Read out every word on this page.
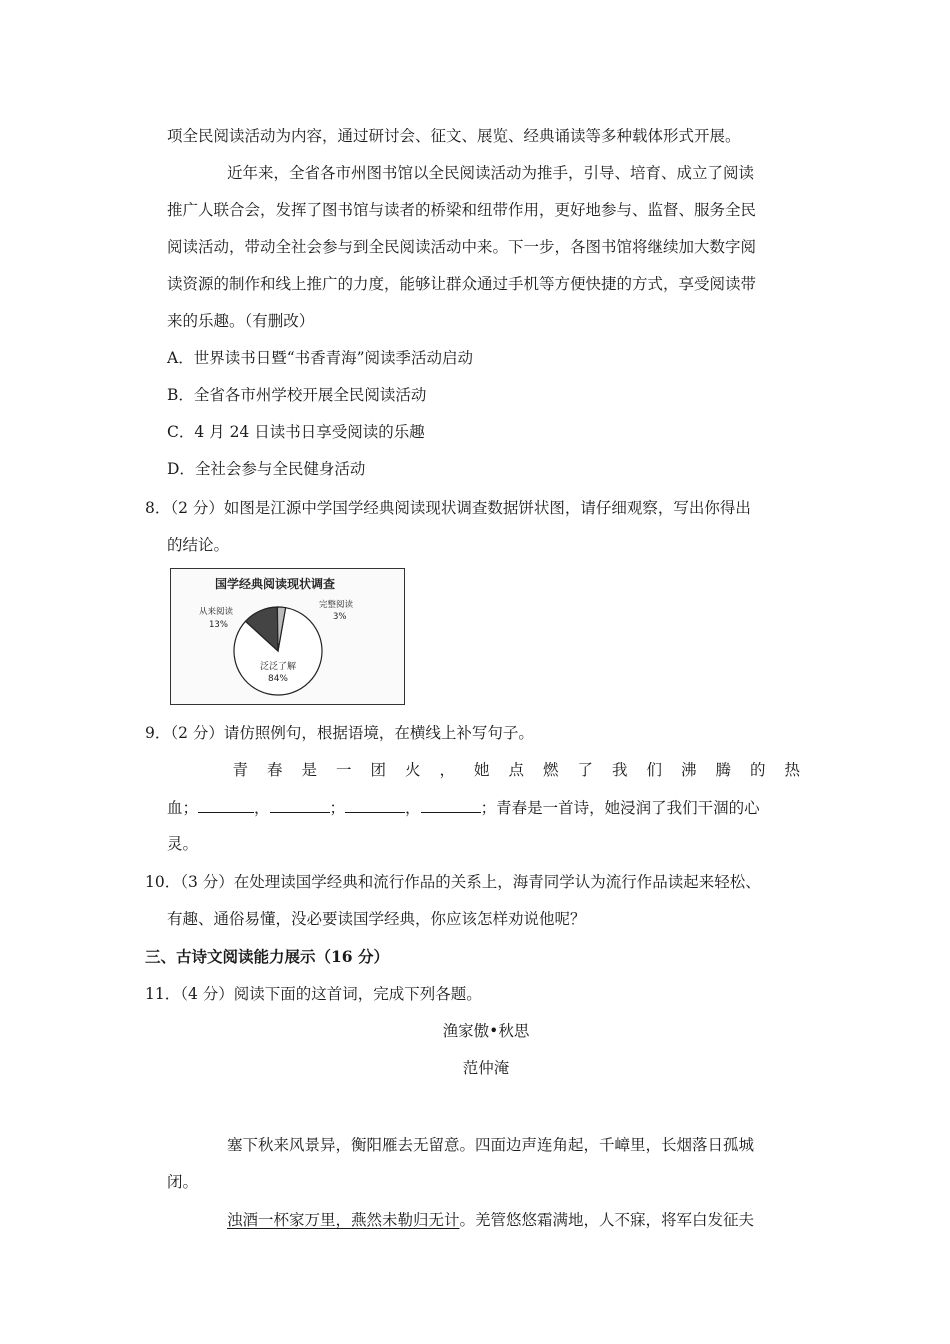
项全民阅读活动为内容，通过研讨会、征文、展览、经典诵读等多种载体形式开展。
近年来，全省各市州图书馆以全民阅读活动为推手，引导、培育、成立了阅读
推广人联合会，发挥了图书馆与读者的桥梁和纽带作用，更好地参与、监督、服务全民
阅读活动，带动全社会参与到全民阅读活动中来。下一步，各图书馆将继续加大数字阅
读资源的制作和线上推广的力度，能够让群众通过手机等方便快捷的方式，享受阅读带
来的乐趣。（有删改）
A．世界读书日暨“书香青海”阅读季活动启动
B．全省各市州学校开展全民阅读活动
C．4 月 24 日读书日享受阅读的乐趣
D．全社会参与全民健身活动
8．（2 分）如图是江源中学国学经典阅读现状调查数据饼状图，请仔细观察，写出你得出
的结论。
国学经典阅读现状调查
完整阅读
3%
从来阅读
13%
泛泛了解
84%
9．（2 分）请仿照例句，根据语境，在横线上补写句子。
青 春 是 一 团 火 ， 她 点 燃 了 我 们 沸 腾 的 热
血；	，	；	，	；青春是一首诗，她浸润了我们干涸的心
灵。
10．（3 分）在处理读国学经典和流行作品的关系上，海青同学认为流行作品读起来轻松、
有趣、通俗易懂，没必要读国学经典，你应该怎样劝说他呢？
三、古诗文阅读能力展示（16 分）
11．（4 分）阅读下面的这首词，完成下列各题。
渔家傲•秋思
范仲淹
塞下秋来风景异，衡阳雁去无留意。四面边声连角起，千嶂里，长烟落日孤城
闭。
浊酒一杯家万里，燕然未勒归无计。羌管悠悠霜满地，人不寐，将军白发征夫
